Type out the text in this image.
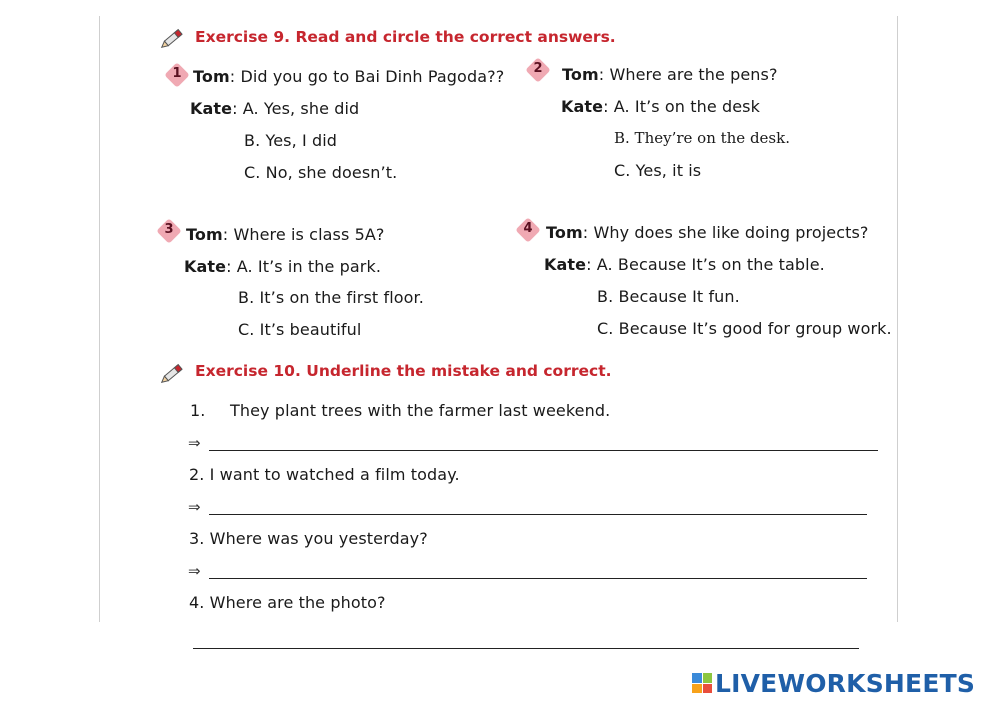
Exercise 9. Read and circle the correct answers.
1 Tom: Did you go to Bai Dinh Pagoda??
Kate: A. Yes, she did
B. Yes, I did
C. No, she doesn’t.
2	Tom: Where are the pens?
Kate: A. It’s on the desk
B. They’re on the desk.
C. Yes, it is
3 Tom: Where is class 5A?
Kate: A. It’s in the park.
B. It’s on the first floor.
C. It’s beautiful
4 Tom: Why does she like doing projects?
Kate: A. Because It’s on the table.
B. Because It fun.
C. Because It’s good for group work.
Exercise 10. Underline the mistake and correct.
1. They plant trees with the farmer last weekend.
⇒
2. I want to watched a film today.
⇒
3. Where was you yesterday?
⇒
4. Where are the photo?
LIVEWORKSHEETS
